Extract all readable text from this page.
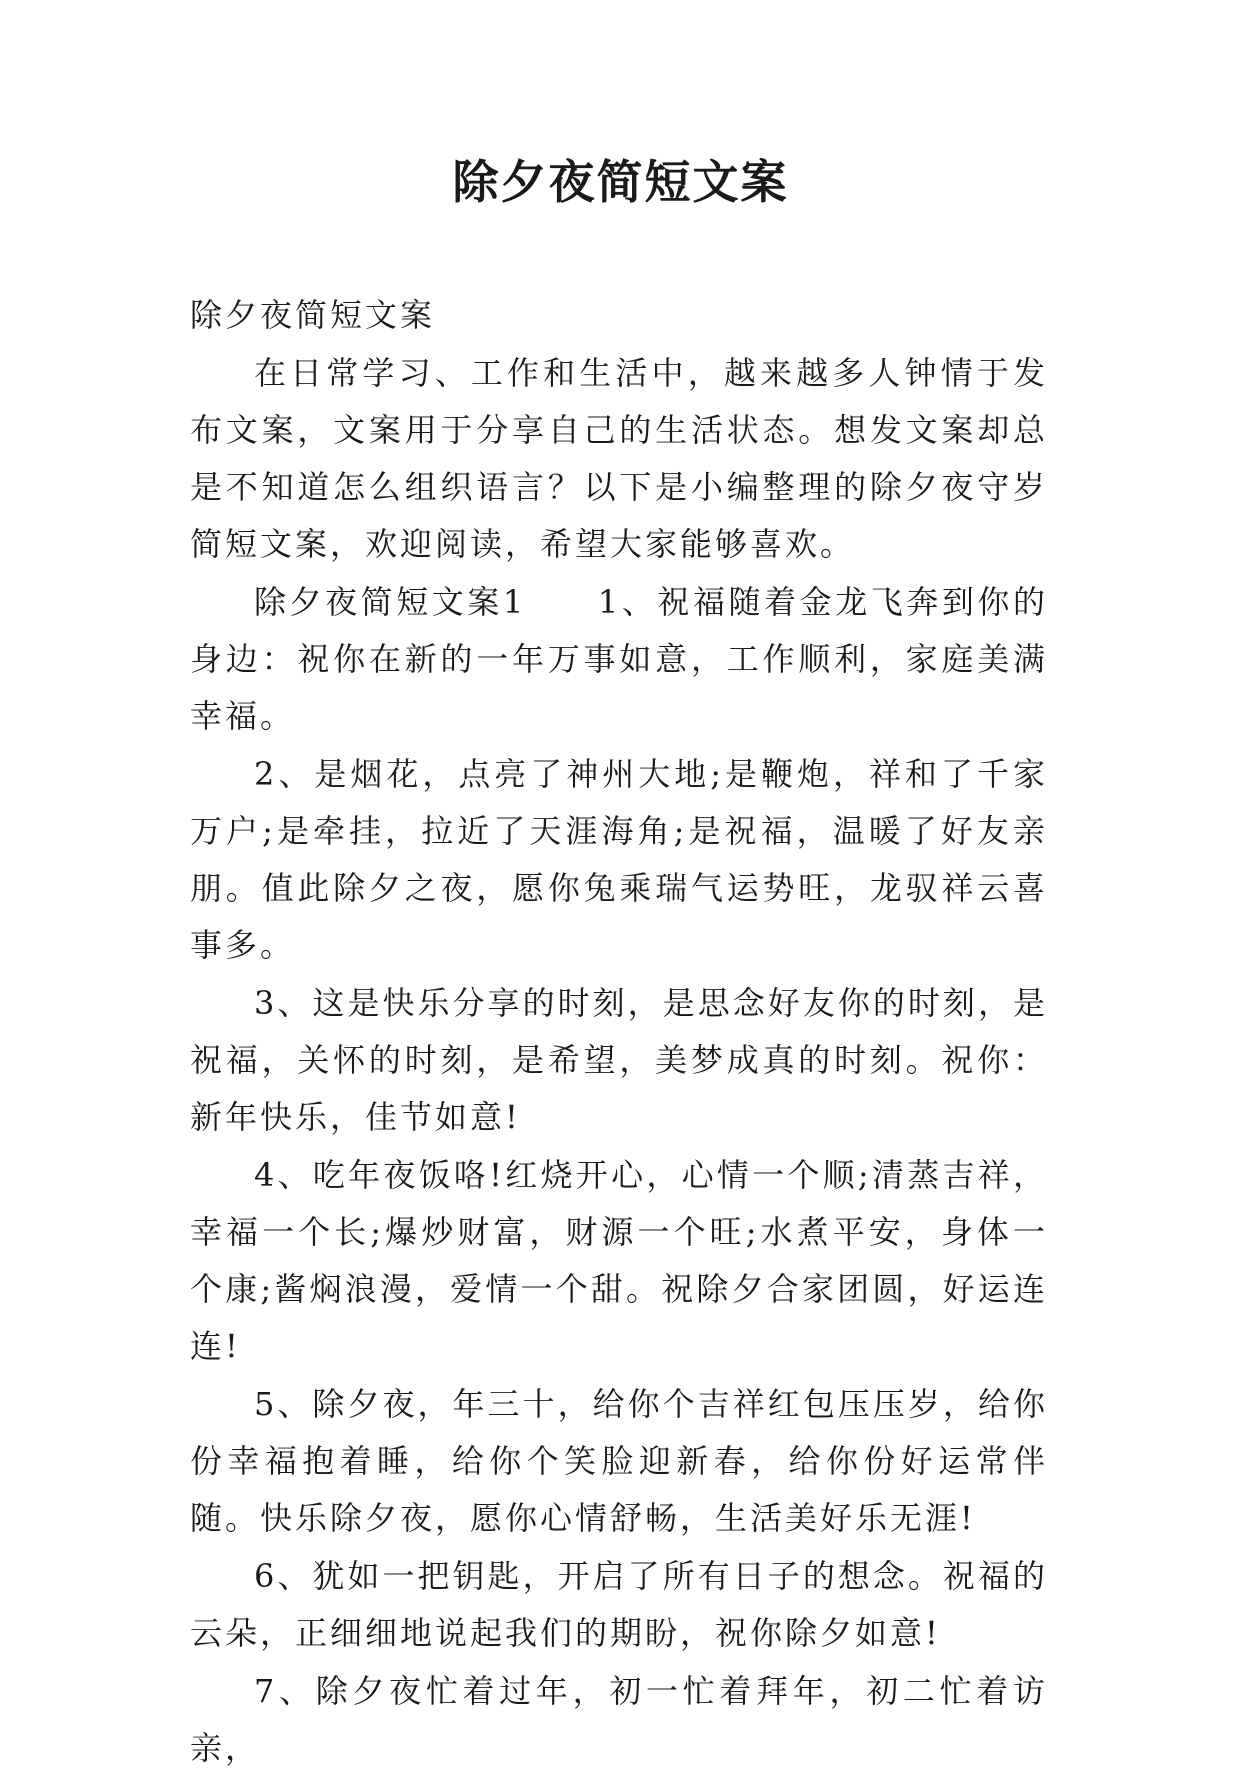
除夕夜简短文案

除夕夜简短文案

在日常学习、工作和生活中，越来越多人钟情于发布文案，文案用于分享自己的生活状态。想发文案却总是不知道怎么组织语言？以下是小编整理的除夕夜守岁简短文案，欢迎阅读，希望大家能够喜欢。

除夕夜简短文案1　　1、祝福随着金龙飞奔到你的身边：祝你在新的一年万事如意，工作顺利，家庭美满幸福。

2、是烟花，点亮了神州大地;是鞭炮，祥和了千家万户;是牵挂，拉近了天涯海角;是祝福，温暖了好友亲朋。值此除夕之夜，愿你兔乘瑞气运势旺，龙驭祥云喜事多。

3、这是快乐分享的时刻，是思念好友你的时刻，是祝福，关怀的时刻，是希望，美梦成真的时刻。祝你：新年快乐，佳节如意!

4、吃年夜饭咯!红烧开心，心情一个顺;清蒸吉祥，幸福一个长;爆炒财富，财源一个旺;水煮平安，身体一个康;酱焖浪漫，爱情一个甜。祝除夕合家团圆，好运连连!

5、除夕夜，年三十，给你个吉祥红包压压岁，给你份幸福抱着睡，给你个笑脸迎新春，给你份好运常伴随。快乐除夕夜，愿你心情舒畅，生活美好乐无涯!

6、犹如一把钥匙，开启了所有日子的想念。祝福的云朵，正细细地说起我们的期盼，祝你除夕如意!

7、除夕夜忙着过年，初一忙着拜年，初二忙着访亲，
